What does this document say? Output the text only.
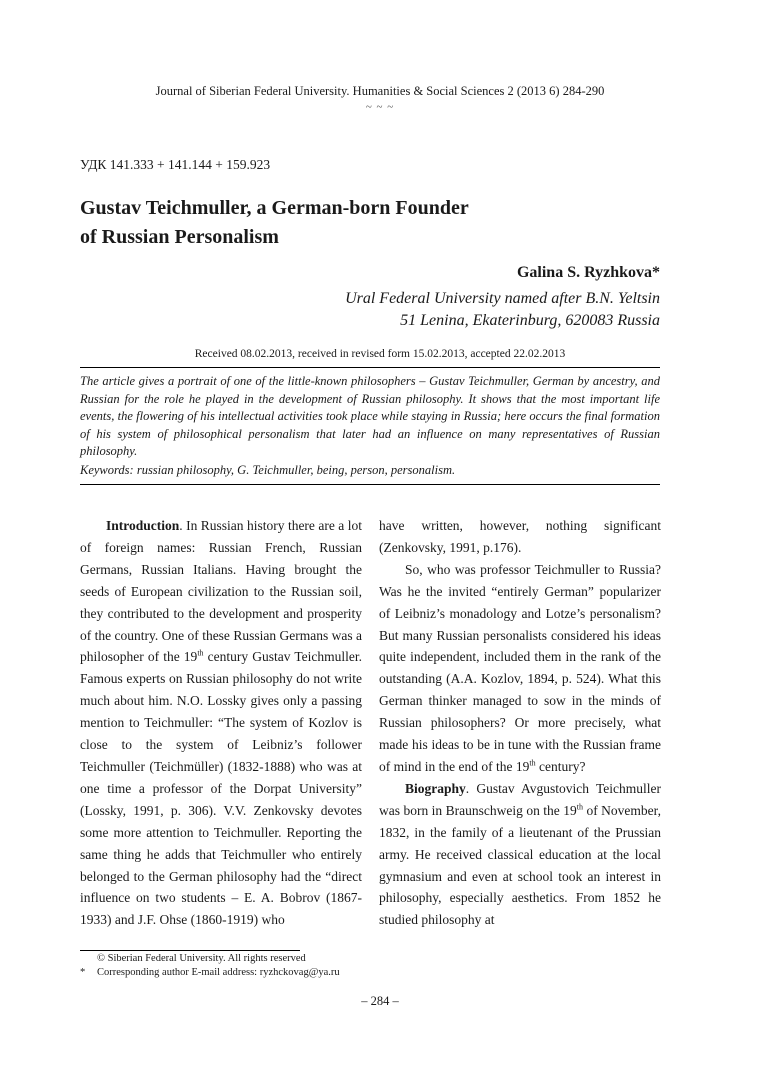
Journal of Siberian Federal University. Humanities & Social Sciences 2 (2013 6) 284-290
~ ~ ~
УДК 141.333 + 141.144 + 159.923
Gustav Teichmuller, a German-born Founder
of Russian Personalism
Galina S. Ryzhkova*
Ural Federal University named after B.N. Yeltsin
51 Lenina, Ekaterinburg, 620083 Russia
Received 08.02.2013, received in revised form 15.02.2013, accepted 22.02.2013
The article gives a portrait of one of the little-known philosophers – Gustav Teichmuller, German by ancestry, and Russian for the role he played in the development of Russian philosophy. It shows that the most important life events, the flowering of his intellectual activities took place while staying in Russia; here occurs the final formation of his system of philosophical personalism that later had an influence on many representatives of Russian philosophy.
Keywords: russian philosophy, G. Teichmuller, being, person, personalism.

Introduction. In Russian history there are a lot of foreign names: Russian French, Russian Germans, Russian Italians. Having brought the seeds of European civilization to the Russian soil, they contributed to the development and prosperity of the country. One of these Russian Germans was a philosopher of the 19th century Gustav Teichmuller. Famous experts on Russian philosophy do not write much about him. N.O. Lossky gives only a passing mention to Teichmuller: “The system of Kozlov is close to the system of Leibniz’s follower Teichmuller (Teichmüller) (1832-1888) who was at one time a professor of the Dorpat University” (Lossky, 1991, p. 306). V.V. Zenkovsky devotes some more attention to Teichmuller. Reporting the same thing he adds that Teichmuller who entirely belonged to the German philosophy had the “direct influence on two students – E. A. Bobrov (1867-1933) and J.F. Ohse (1860-1919) who

have written, however, nothing significant (Zenkovsky, 1991, p.176).

So, who was professor Teichmuller to Russia? Was he the invited “entirely German” popularizer of Leibniz’s monadology and Lotze’s personalism? But many Russian personalists considered his ideas quite independent, included them in the rank of the outstanding (A.A. Kozlov, 1894, p. 524). What this German thinker managed to sow in the minds of Russian philosophers? Or more precisely, what made his ideas to be in tune with the Russian frame of mind in the end of the 19th century?

Biography. Gustav Avgustovich Teichmuller was born in Braunschweig on the 19th of November, 1832, in the family of a lieutenant of the Prussian army. He received classical education at the local gymnasium and even at school took an interest in philosophy, especially aesthetics. From 1852 he studied philosophy at

© Siberian Federal University. All rights reserved
* Corresponding author E-mail address: ryzhckovag@ya.ru
– 284 –
